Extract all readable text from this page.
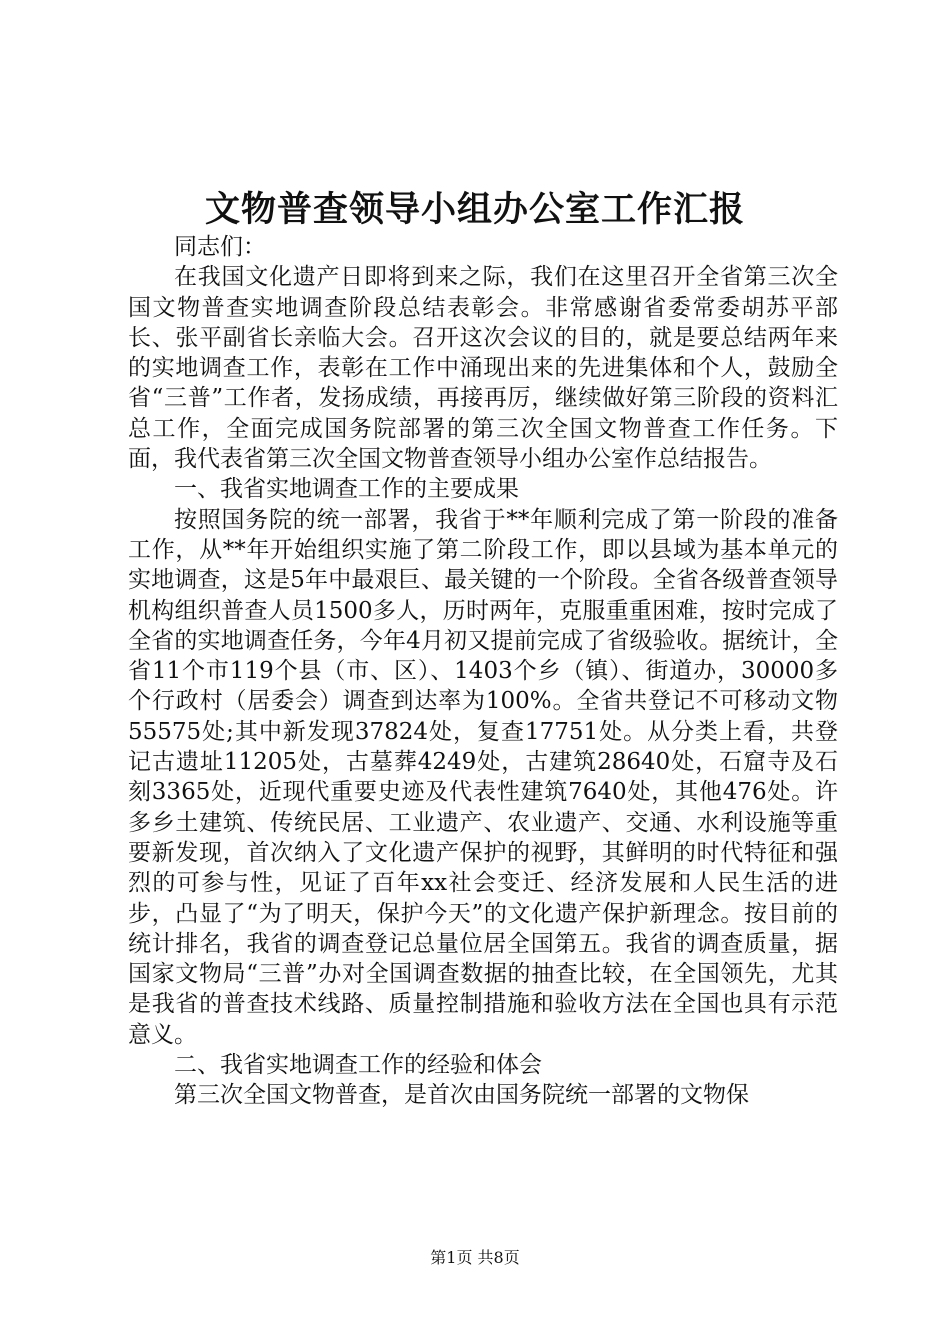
文物普查领导小组办公室工作汇报

同志们：

在我国文化遗产日即将到来之际，我们在这里召开全省第三次全国文物普查实地调查阶段总结表彰会。非常感谢省委常委胡苏平部长、张平副省长亲临大会。召开这次会议的目的，就是要总结两年来的实地调查工作，表彰在工作中涌现出来的先进集体和个人，鼓励全省“三普”工作者，发扬成绩，再接再厉，继续做好第三阶段的资料汇总工作，全面完成国务院部署的第三次全国文物普查工作任务。下面，我代表省第三次全国文物普查领导小组办公室作总结报告。

一、我省实地调查工作的主要成果

按照国务院的统一部署，我省于**年顺利完成了第一阶段的准备工作，从**年开始组织实施了第二阶段工作，即以县域为基本单元的实地调查，这是5年中最艰巨、最关键的一个阶段。全省各级普查领导机构组织普查人员1500多人，历时两年，克服重重困难，按时完成了全省的实地调查任务，今年4月初又提前完成了省级验收。据统计，全省11个市119个县（市、区）、1403个乡（镇）、街道办，30000多个行政村（居委会）调查到达率为100%。全省共登记不可移动文物55575处;其中新发现37824处，复查17751处。从分类上看，共登记古遗址11205处，古墓葬4249处，古建筑28640处，石窟寺及石刻3365处，近现代重要史迹及代表性建筑7640处，其他476处。许多乡土建筑、传统民居、工业遗产、农业遗产、交通、水利设施等重要新发现，首次纳入了文化遗产保护的视野，其鲜明的时代特征和强烈的可参与性，见证了百年xx社会变迁、经济发展和人民生活的进步，凸显了“为了明天，保护今天”的文化遗产保护新理念。按目前的统计排名，我省的调查登记总量位居全国第五。我省的调查质量，据国家文物局“三普”办对全国调查数据的抽查比较，在全国领先，尤其是我省的普查技术线路、质量控制措施和验收方法在全国也具有示范意义。

二、我省实地调查工作的经验和体会

第三次全国文物普查，是首次由国务院统一部署的文物保

第1页 共8页
